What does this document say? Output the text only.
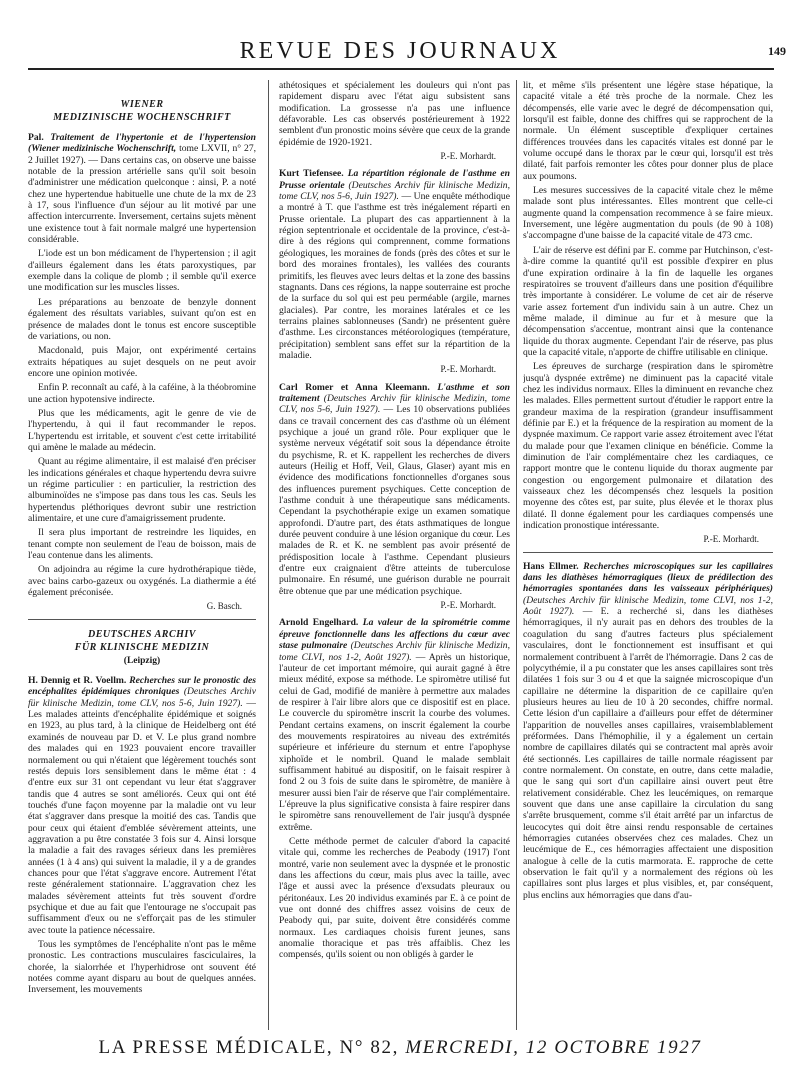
REVUE DES JOURNAUX	149

WIENER

MEDIZINISCHE WOCHENSCHRIFT

Pal. Traitement de l'hypertonie et de l'hypertension (Wiener medizinische Wochenschrift, tome LXVII, n° 27, 2 Juillet 1927). — Dans certains cas, on observe une baisse notable de la pression artérielle sans qu'il soit besoin d'administrer une médication quelconque : ainsi, P. a noté chez une hypertendue habituelle une chute de la mx de 23 à 17, sous l'influence d'un séjour au lit motivé par une affection intercurrente. Inversement, certains sujets mènent une existence tout à fait normale malgré une hypertension considérable.

L'iode est un bon médicament de l'hypertension ; il agit d'ailleurs également dans les états paroxystiques, par exemple dans la colique de plomb ; il semble qu'il exerce une modification sur les muscles lisses.

Les préparations au benzoate de benzyle donnent également des résultats variables, suivant qu'on est en présence de malades dont le tonus est encore susceptible de variations, ou non.

Macdonald, puis Major, ont expérimenté certains extraits hépatiques au sujet desquels on ne peut avoir encore une opinion motivée.

Enfin P. reconnaît au café, à la caféine, à la théobromine une action hypotensive indirecte.

Plus que les médicaments, agit le genre de vie de l'hypertendu, à qui il faut recommander le repos. L'hypertendu est irritable, et souvent c'est cette irritabilité qui amène le malade au médecin.

Quant au régime alimentaire, il est malaisé d'en préciser les indications générales et chaque hypertendu devra suivre un régime particulier : en particulier, la restriction des albuminoïdes ne s'impose pas dans tous les cas. Seuls les hypertendus pléthoriques devront subir une restriction alimentaire, et une cure d'amaigrissement prudente.

Il sera plus important de restreindre les liquides, en tenant compte non seulement de l'eau de boisson, mais de l'eau contenue dans les aliments.

On adjoindra au régime la cure hydrothérapique tiède, avec bains carbo-gazeux ou oxygénés. La diathermie a été également préconisée.

G. Basch.

DEUTSCHES ARCHIV

FÜR KLINISCHE MEDIZIN

(Leipzig)

H. Dennig et R. Voellm. Recherches sur le pronostic des encéphalites épidémiques chroniques (Deutsches Archiv für klinische Medizin, tome CLV, nos 5-6, Juin 1927). — Les malades atteints d'encéphalite épidémique et soignés en 1923, au plus tard, à la clinique de Heidelberg ont été examinés de nouveau par D. et V. Le plus grand nombre des malades qui en 1923 pouvaient encore travailler normalement ou qui n'étaient que légèrement touchés sont restés depuis lors sensiblement dans le même état : 4 d'entre eux sur 31 ont cependant vu leur état s'aggraver tandis que 4 autres se sont améliorés. Ceux qui ont été touchés d'une façon moyenne par la maladie ont vu leur état s'aggraver dans presque la moitié des cas. Tandis que pour ceux qui étaient d'emblée sévèrement atteints, une aggravation a pu être constatée 3 fois sur 4. Ainsi lorsque la maladie a fait des ravages sérieux dans les premières années (1 à 4 ans) qui suivent la maladie, il y a de grandes chances pour que l'état s'aggrave encore. Autrement l'état reste généralement stationnaire. L'aggravation chez les malades sévèrement atteints fut très souvent d'ordre psychique et due au fait que l'entourage ne s'occupait pas suffisamment d'eux ou ne s'efforçait pas de les stimuler avec toute la patience nécessaire.

Tous les symptômes de l'encéphalite n'ont pas le même pronostic. Les contractions musculaires fasciculaires, la chorée, la sialorrhée et l'hyperhidrose ont souvent été notées comme ayant disparu au bout de quelques années. Inversement, les mouvements

athétosiques et spécialement les douleurs qui n'ont pas rapidement disparu avec l'état aigu subsistent sans modification. La grossesse n'a pas une influence défavorable. Les cas observés postérieurement à 1922 semblent d'un pronostic moins sévère que ceux de la grande épidémie de 1920-1921.

P.-E. Morhardt.

Kurt Tiefensee. La répartition régionale de l'asthme en Prusse orientale (Deutsches Archiv für klinische Medizin, tome CLV, nos 5-6, Juin 1927). — Une enquête méthodique a montré à T. que l'asthme est très inégalement réparti en Prusse orientale. La plupart des cas appartiennent à la région septentrionale et occidentale de la province, c'est-à-dire à des régions qui comprennent, comme formations géologiques, les moraines de fonds (près des côtes et sur le bord des moraines frontales), les vallées des courants primitifs, les fleuves avec leurs deltas et la zone des bassins stagnants. Dans ces régions, la nappe souterraine est proche de la surface du sol qui est peu perméable (argile, marnes glaciales). Par contre, les moraines latérales et ce les terrains plaines sablonneuses (Sandr) ne présentent guère d'asthme. Les circonstances météorologiques (température, précipitation) semblent sans effet sur la répartition de la maladie.

P.-E. Morhardt.

Carl Romer et Anna Kleemann. L'asthme et son traitement (Deutsches Archiv für klinische Medizin, tome CLV, nos 5-6, Juin 1927). — Les 10 observations publiées dans ce travail concernent des cas d'asthme où un élément psychique a joué un grand rôle. Pour expliquer que le système nerveux végétatif soit sous la dépendance étroite du psychisme, R. et K. rappellent les recherches de divers auteurs (Heilig et Hoff, Veil, Glaus, Glaser) ayant mis en évidence des modifications fonctionnelles d'organes sous des influences purement psychiques. Cette conception de l'asthme conduit à une thérapeutique sans médicaments. Cependant la psychothérapie exige un examen somatique approfondi. D'autre part, des états asthmatiques de longue durée peuvent conduire à une lésion organique du cœur. Les malades de R. et K. ne semblent pas avoir présenté de prédisposition locale à l'asthme. Cependant plusieurs d'entre eux craignaient d'être atteints de tuberculose pulmonaire. En résumé, une guérison durable ne pourrait être obtenue que par une médication psychique.

P.-E. Morhardt.

Arnold Engelhard. La valeur de la spirométrie comme épreuve fonctionnelle dans les affections du cœur avec stase pulmonaire (Deutsches Archiv für klinische Medizin, tome CLVI, nos 1-2, Août 1927). — Après un historique, l'auteur de cet important mémoire, qui aurait gagné à être mieux médité, expose sa méthode. Le spiromètre utilisé fut celui de Gad, modifié de manière à permettre aux malades de respirer à l'air libre alors que ce dispositif est en place. Le couvercle du spiromètre inscrit la courbe des volumes. Pendant certains examens, on inscrit également la courbe des mouvements respiratoires au niveau des extrémités supérieure et inférieure du sternum et entre l'apophyse xiphoïde et le nombril. Quand le malade semblait suffisamment habitué au dispositif, on le faisait respirer à fond 2 ou 3 fois de suite dans le spiromètre, de manière à mesurer aussi bien l'air de réserve que l'air complémentaire. L'épreuve la plus significative consista à faire respirer dans le spiromètre sans renouvellement de l'air jusqu'à dyspnée extrême.

Cette méthode permet de calculer d'abord la capacité vitale qui, comme les recherches de Peabody (1917) l'ont montré, varie non seulement avec la dyspnée et le pronostic dans les affections du cœur, mais plus avec la taille, avec l'âge et aussi avec la présence d'exsudats pleuraux ou péritonéaux. Les 20 individus examinés par E. à ce point de vue ont donné des chiffres assez voisins de ceux de Peabody qui, par suite, doivent être considérés comme normaux. Les cardiaques choisis furent jeunes, sans anomalie thoracique et pas très affaiblis. Chez les compensés, qu'ils soient ou non obligés à garder le

lit, et même s'ils présentent une légère stase hépatique, la capacité vitale a été très proche de la normale. Chez les décompensés, elle varie avec le degré de décompensation qui, lorsqu'il est faible, donne des chiffres qui se rapprochent de la normale. Un élément susceptible d'expliquer certaines différences trouvées dans les capacités vitales est donné par le volume occupé dans le thorax par le cœur qui, lorsqu'il est très dilaté, fait parfois remonter les côtes pour donner plus de place aux poumons.

Les mesures successives de la capacité vitale chez le même malade sont plus intéressantes. Elles montrent que celle-ci augmente quand la compensation recommence à se faire mieux. Inversement, une légère augmentation du pouls (de 90 à 108) s'accompagne d'une baisse de la capacité vitale de 473 cmc.

L'air de réserve est défini par E. comme par Hutchinson, c'est-à-dire comme la quantité qu'il est possible d'expirer en plus d'une expiration ordinaire à la fin de laquelle les organes respiratoires se trouvent d'ailleurs dans une position d'équilibre très importante à considérer. Le volume de cet air de réserve varie assez fortement d'un individu sain à un autre. Chez un même malade, il diminue au fur et à mesure que la décompensation s'accentue, montrant ainsi que la contenance liquide du thorax augmente. Cependant l'air de réserve, pas plus que la capacité vitale, n'apporte de chiffre utilisable en clinique.

Les épreuves de surcharge (respiration dans le spiromètre jusqu'à dyspnée extrême) ne diminuent pas la capacité vitale chez les individus normaux. Elles la diminuent en revanche chez les malades. Elles permettent surtout d'étudier le rapport entre la grandeur maxima de la respiration (grandeur insuffisamment définie par E.) et la fréquence de la respiration au moment de la dyspnée maximum. Ce rapport varie assez étroitement avec l'état du malade pour que l'examen clinique en bénéficie. Comme la diminution de l'air complémentaire chez les cardiaques, ce rapport montre que le contenu liquide du thorax augmente par congestion ou engorgement pulmonaire et dilatation des vaisseaux chez les décompensés chez lesquels la position moyenne des côtes est, par suite, plus élevée et le thorax plus dilaté. Il donne également pour les cardiaques compensés une indication pronostique intéressante.

P.-E. Morhardt.

Hans Ellmer. Recherches microscopiques sur les capillaires dans les diathèses hémorragiques (lieux de prédilection des hémorragies spontanées dans les vaisseaux périphériques) (Deutsches Archiv für klinische Medizin, tome CLVI, nos 1-2, Août 1927). — E. a recherché si, dans les diathèses hémorragiques, il n'y aurait pas en dehors des troubles de la coagulation du sang d'autres facteurs plus spécialement vasculaires, dont le fonctionnement est insuffisant et qui normalement contribuent à l'arrêt de l'hémorragie. Dans 2 cas de polycythémie, il a pu constater que les anses capillaires sont très dilatées 1 fois sur 3 ou 4 et que la saignée microscopique d'un capillaire ne détermine la disparition de ce capillaire qu'en plusieurs heures au lieu de 10 à 20 secondes, chiffre normal. Cette lésion d'un capillaire a d'ailleurs pour effet de déterminer l'apparition de nouvelles anses capillaires, vraisemblablement préformées. Dans l'hémophilie, il y a également un certain nombre de capillaires dilatés qui se contractent mal après avoir été sectionnés. Les capillaires de taille normale réagissent par contre normalement. On constate, en outre, dans cette maladie, que le sang qui sort d'un capillaire ainsi ouvert peut être relativement considérable. Chez les leucémiques, on remarque souvent que dans une anse capillaire la circulation du sang s'arrête brusquement, comme s'il était arrêté par un infarctus de leucocytes qui doit être ainsi rendu responsable de certaines hémorragies cutanées observées chez ces malades. Chez un leucémique de E., ces hémorragies affectaient une disposition analogue à celle de la cutis marmorata. E. rapproche de cette observation le fait qu'il y a normalement des régions où les capillaires sont plus larges et plus visibles, et, par conséquent, plus enclins aux hémorragies que dans d'au-

LA PRESSE MÉDICALE, N° 82, MERCREDI, 12 OCTOBRE 1927
